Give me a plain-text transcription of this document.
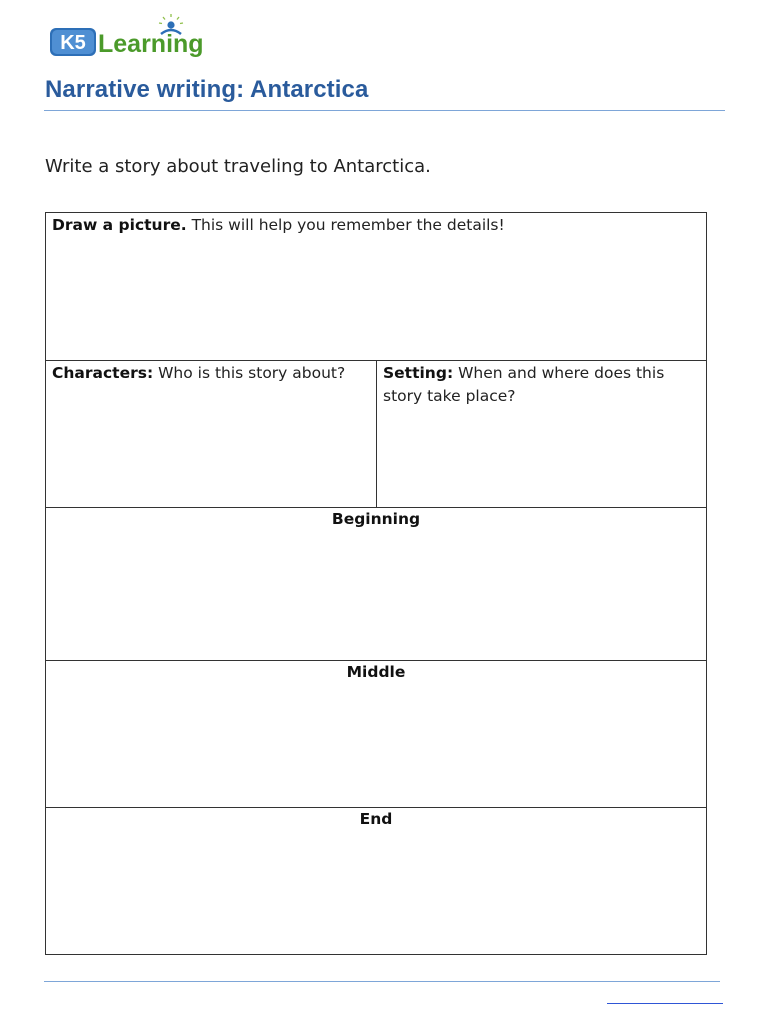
K5 Learning
Narrative writing: Antarctica

Write a story about traveling to Antarctica.

Draw a picture. This will help you remember the details!
Characters: Who is this story about?	Setting: When and where does this story take place?
Beginning
Middle
End
